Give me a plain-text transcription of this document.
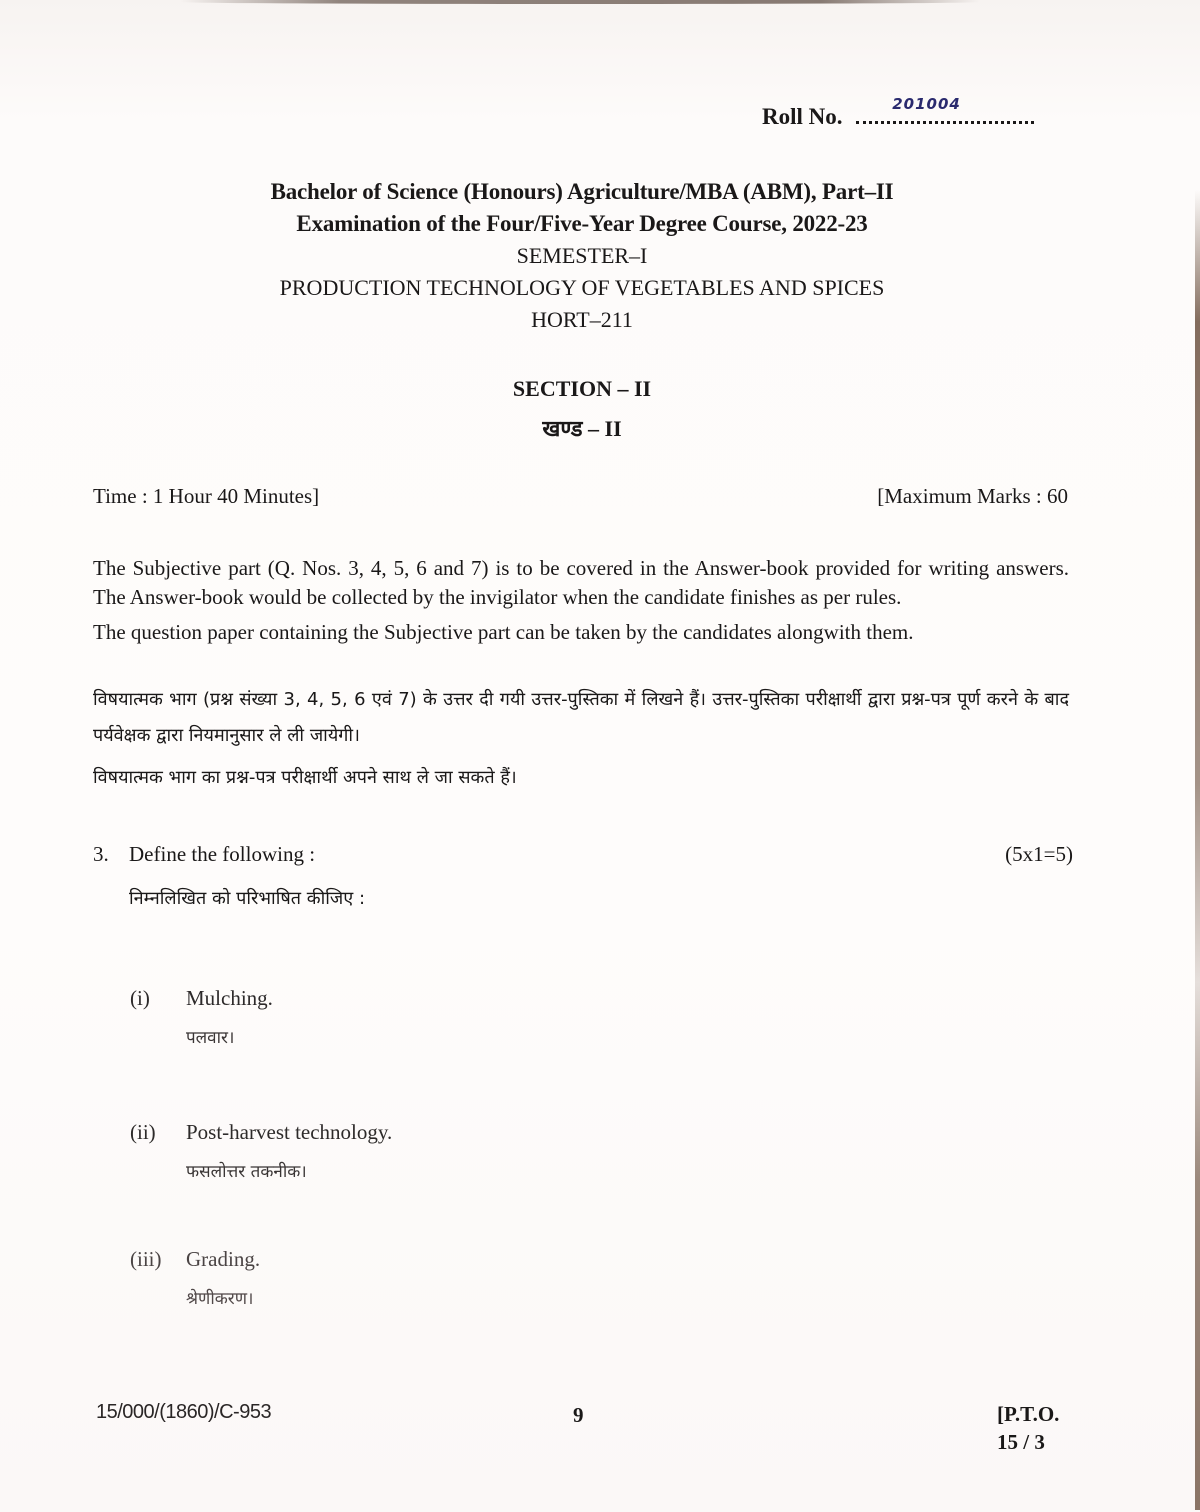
Roll No.	201004
Bachelor of Science (Honours) Agriculture/MBA (ABM), Part–II
Examination of the Four/Five-Year Degree Course, 2022-23
SEMESTER–I
PRODUCTION TECHNOLOGY OF VEGETABLES AND SPICES
HORT–211
SECTION – II
खण्ड – II
Time : 1 Hour 40 Minutes]	[Maximum Marks : 60

The Subjective part (Q. Nos. 3, 4, 5, 6 and 7) is to be covered in the Answer-book provided for writing answers. The Answer-book would be collected by the invigilator when the candidate finishes as per rules.

The question paper containing the Subjective part can be taken by the candidates alongwith them.

विषयात्मक भाग (प्रश्न संख्या 3, 4, 5, 6 एवं 7) के उत्तर दी गयी उत्तर-पुस्तिका में लिखने हैं। उत्तर-पुस्तिका परीक्षार्थी द्वारा प्रश्न-पत्र पूर्ण करने के बाद पर्यवेक्षक द्वारा नियमानुसार ले ली जायेगी।
विषयात्मक भाग का प्रश्न-पत्र परीक्षार्थी अपने साथ ले जा सकते हैं।
3. Define the following :	(5x1=5)
निम्नलिखित को परिभाषित कीजिए :
(i) Mulching.
पलवार।
(ii) Post-harvest technology.
फसलोत्तर तकनीक।
(iii) Grading.
श्रेणीकरण।
15/000/(1860)/C-953	9	[P.T.O.
15 / 3
